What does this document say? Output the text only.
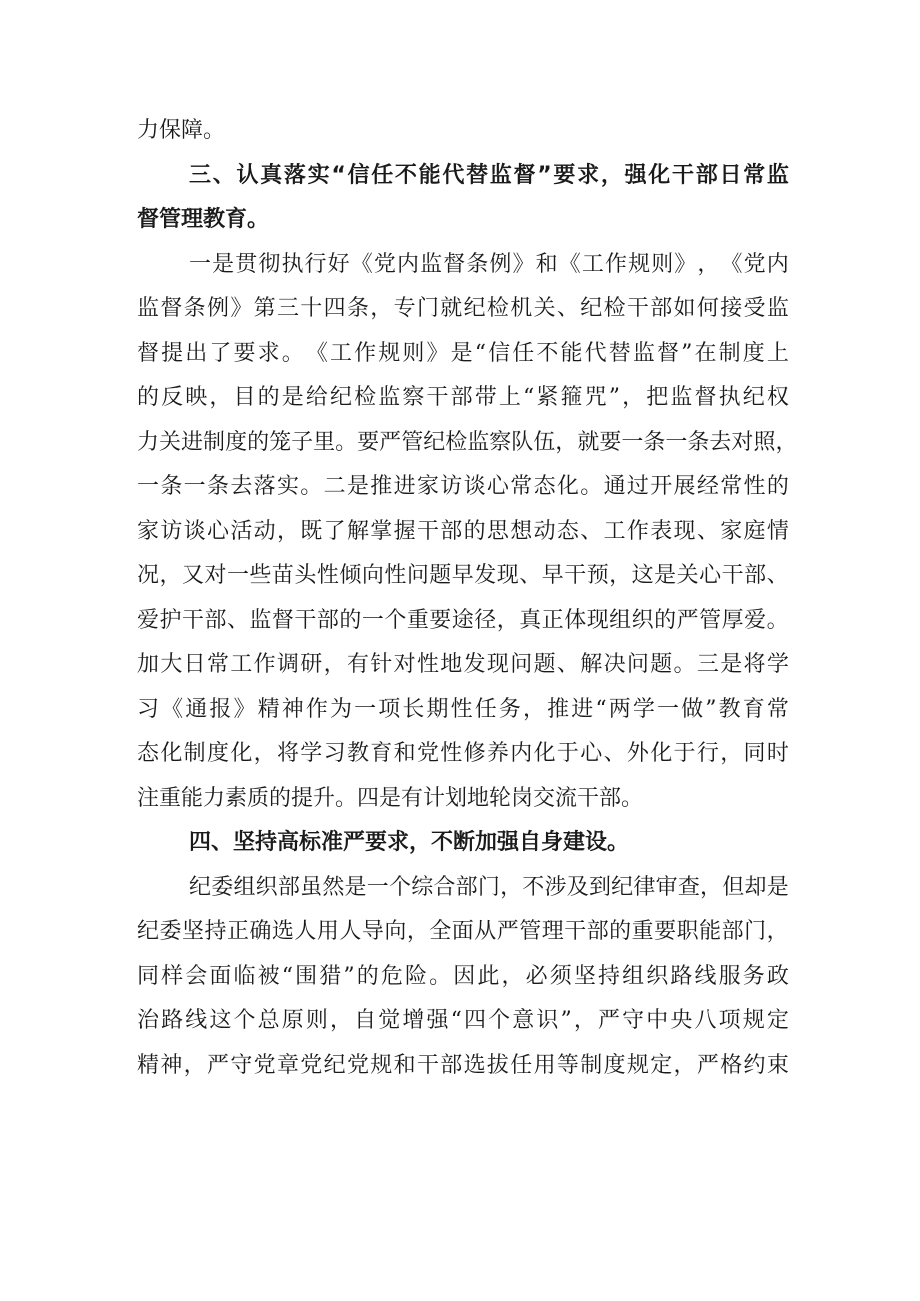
力保障。
三 、 认 真 落 实 “ 信 任 不 能 代 替 监 督 ” 要 求 ， 强 化 干 部 日 常 监
督管理教育。
一 是 贯 彻 执 行 好 《 党 内 监 督 条 例 》 和 《 工 作 规 则 》 ， 《 党 内
监 督 条 例 》 第 三 十 四 条 ， 专 门 就 纪 检 机 关 、 纪 检 干 部 如 何 接 受 监
督 提 出 了 要 求 。 《 工 作 规 则 》 是 “ 信 任 不 能 代 替 监 督 ” 在 制 度 上
的 反 映 ， 目 的 是 给 纪 检 监 察 干 部 带 上 “ 紧 箍 咒 ” ， 把 监 督 执 纪 权
力 关 进 制 度 的 笼 子 里 。 要 严 管 纪 检 监 察 队 伍 ， 就 要 一 条 一 条 去 对 照 ，
一 条 一 条 去 落 实 。 二 是 推 进 家 访 谈 心 常 态 化 。 通 过 开 展 经 常 性 的
家 访 谈 心 活 动 ， 既 了 解 掌 握 干 部 的 思 想 动 态 、 工 作 表 现 、 家 庭 情
况 ， 又 对 一 些 苗 头 性 倾 向 性 问 题 早 发 现 、 早 干 预 ， 这 是 关 心 干 部 、
爱 护 干 部 、 监 督 干 部 的 一 个 重 要 途 径 ， 真 正 体 现 组 织 的 严 管 厚 爱 。
加 大 日 常 工 作 调 研 ， 有 针 对 性 地 发 现 问 题 、 解 决 问 题 。 三 是 将 学
习 《 通 报 》 精 神 作 为 一 项 长 期 性 任 务 ， 推 进 “ 两 学 一 做 ” 教 育 常
态 化 制 度 化 ， 将 学 习 教 育 和 党 性 修 养 内 化 于 心 、 外 化 于 行 ， 同 时
注重能力素质的提升。四是有计划地轮岗交流干部。
四、坚持高标准严要求，不断加强自身建设。
纪 委 组 织 部 虽 然 是 一 个 综 合 部 门 ， 不 涉 及 到 纪 律 审 查 ， 但 却 是
纪 委 坚 持 正 确 选 人 用 人 导 向 ， 全 面 从 严 管 理 干 部 的 重 要 职 能 部 门 ，
同 样 会 面 临 被 “ 围 猎 ” 的 危 险 。 因 此 ， 必 须 坚 持 组 织 路 线 服 务 政
治 路 线 这 个 总 原 则 ， 自 觉 增 强 “ 四 个 意 识 ” ， 严 守 中 央 八 项 规 定
精 神 ， 严 守 党 章 党 纪 党 规 和 干 部 选 拔 任 用 等 制 度 规 定 ， 严 格 约 束
